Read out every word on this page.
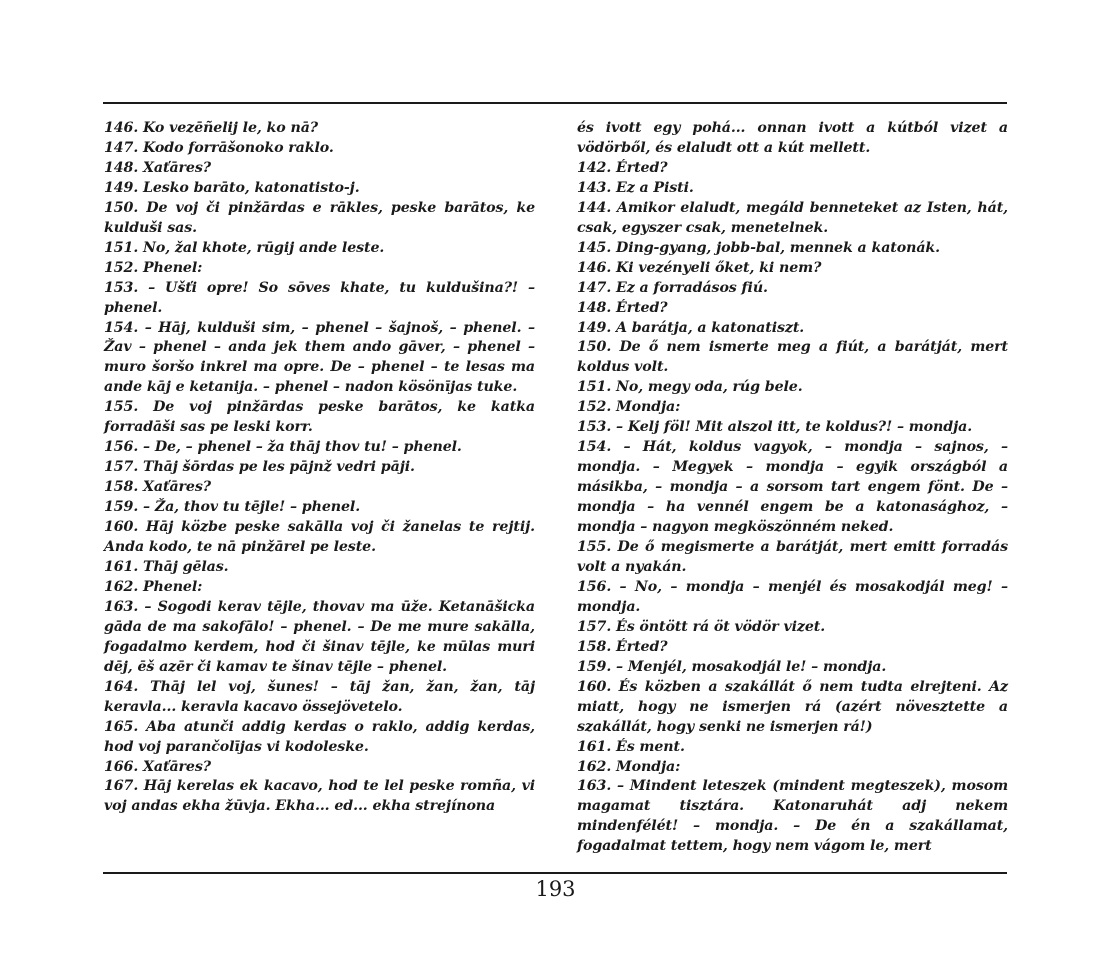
146. Ko vezēñelij le, ko nā?

147. Kodo forrāšonoko raklo.

148. Xaťāres?

149. Lesko barāto, katonatisto-j.

150. De voj či pinžārdas e rākles, peske barātos, ke kulduši sas.

151. No, žal khote, rūgij ande leste.

152. Phenel:

153. – Ušťi opre! So sōves khate, tu kuldušina?! – phenel.

154. – Hāj, kulduši sim, – phenel – šajnoš, – phenel. – Žav – phenel – anda jek them ando gāver, – phenel – muro šoršo inkrel ma opre. De – phenel – te lesas ma ande kāj e ketanija. – phenel – nadon kösönījas tuke.

155. De voj pinžārdas peske barātos, ke katka forradāši sas pe leski korr.

156. – De, – phenel – ža thāj thov tu! – phenel.

157. Thāj šōrdas pe les pājnž vedri pāji.

158. Xaťāres?

159. – Ža, thov tu tējle! – phenel.

160. Hāj közbe peske sakālla voj či žanelas te rejtij. Anda kodo, te nā pinžārel pe leste.

161. Thāj gēlas.

162. Phenel:

163. – Sogodi kerav tējle, thovav ma ūže. Ketanāšicka gāda de ma sakofālo! – phenel. – De me mure sakālla, fogadalmo kerdem, hod či šinav tējle, ke mūlas muri dēj, ēš azēr či kamav te šinav tējle – phenel.

164. Thāj lel voj, šunes! – tāj žan, žan, žan, tāj keravla... keravla kacavo össejövetelo.

165. Aba atunči addig kerdas o raklo, addig kerdas, hod voj parančolījas vi kodoleske.

166. Xaťāres?

167. Hāj kerelas ek kacavo, hod te lel peske romña, vi voj andas ekha žūvja. Ekha... ed... ekha strejínona

és ivott egy pohá... onnan ivott a kútból vizet a vödörből, és elaludt ott a kút mellett.

142. Érted?

143. Ez a Pisti.

144. Amikor elaludt, megáld benneteket az Isten, hát, csak, egyszer csak, menetelnek.

145. Ding-gyang, jobb-bal, mennek a katonák.

146. Ki vezényeli őket, ki nem?

147. Ez a forradásos fiú.

148. Érted?

149. A barátja, a katonatiszt.

150. De ő nem ismerte meg a fiút, a barátját, mert koldus volt.

151. No, megy oda, rúg bele.

152. Mondja:

153. – Kelj föl! Mit alszol itt, te koldus?! – mondja.

154. – Hát, koldus vagyok, – mondja – sajnos, – mondja. – Megyek – mondja – egyik országból a másikba, – mondja – a sorsom tart engem fönt. De – mondja – ha vennél engem be a katonasághoz, – mondja – nagyon megköszönném neked.

155. De ő megismerte a barátját, mert emitt forradás volt a nyakán.

156. – No, – mondja – menjél és mosakodjál meg! – mondja.

157. És öntött rá öt vödör vizet.

158. Érted?

159. – Menjél, mosakodjál le! – mondja.

160. És közben a szakállát ő nem tudta elrejteni. Az miatt, hogy ne ismerjen rá (azért növesztette a szakállát, hogy senki ne ismerjen rá!)

161. És ment.

162. Mondja:

163. – Mindent leteszek (mindent megteszek), mosom magamat tisztára. Katonaruhát adj nekem mindenfélét! – mondja. – De én a szakállamat, fogadalmat tettem, hogy nem vágom le, mert

193
